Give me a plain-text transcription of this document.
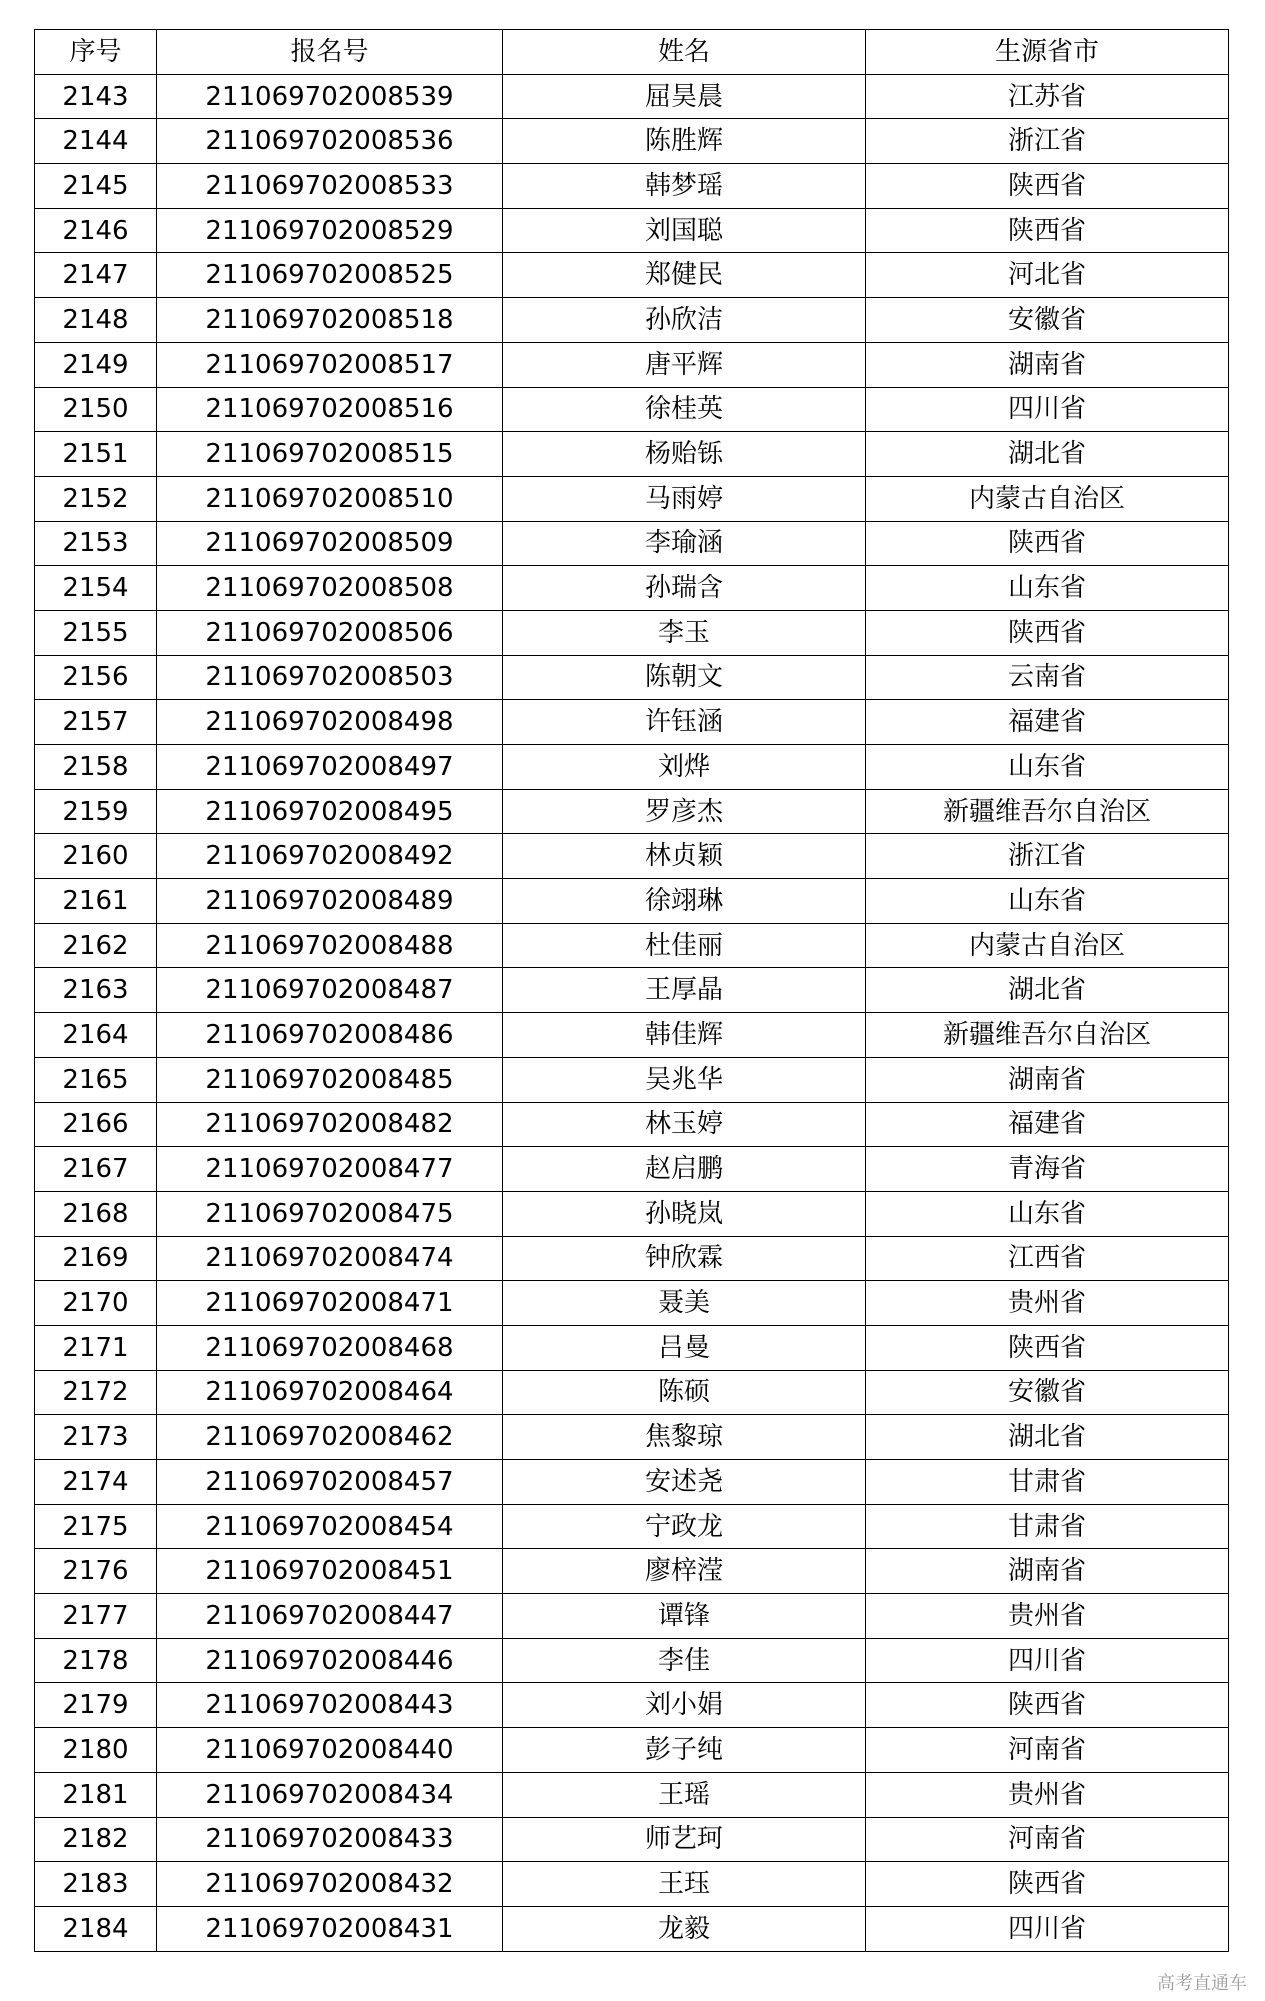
序号	报名号	姓名	生源省市
2143	211069702008539	屈昊晨	江苏省
2144	211069702008536	陈胜辉	浙江省
2145	211069702008533	韩梦瑶	陕西省
2146	211069702008529	刘国聪	陕西省
2147	211069702008525	郑健民	河北省
2148	211069702008518	孙欣洁	安徽省
2149	211069702008517	唐平辉	湖南省
2150	211069702008516	徐桂英	四川省
2151	211069702008515	杨贻铄	湖北省
2152	211069702008510	马雨婷	内蒙古自治区
2153	211069702008509	李瑜涵	陕西省
2154	211069702008508	孙瑞含	山东省
2155	211069702008506	李玉	陕西省
2156	211069702008503	陈朝文	云南省
2157	211069702008498	许钰涵	福建省
2158	211069702008497	刘烨	山东省
2159	211069702008495	罗彦杰	新疆维吾尔自治区
2160	211069702008492	林贞颖	浙江省
2161	211069702008489	徐翊琳	山东省
2162	211069702008488	杜佳丽	内蒙古自治区
2163	211069702008487	王厚晶	湖北省
2164	211069702008486	韩佳辉	新疆维吾尔自治区
2165	211069702008485	吴兆华	湖南省
2166	211069702008482	林玉婷	福建省
2167	211069702008477	赵启鹏	青海省
2168	211069702008475	孙晓岚	山东省
2169	211069702008474	钟欣霖	江西省
2170	211069702008471	聂美	贵州省
2171	211069702008468	吕曼	陕西省
2172	211069702008464	陈硕	安徽省
2173	211069702008462	焦黎琼	湖北省
2174	211069702008457	安述尧	甘肃省
2175	211069702008454	宁政龙	甘肃省
2176	211069702008451	廖梓滢	湖南省
2177	211069702008447	谭锋	贵州省
2178	211069702008446	李佳	四川省
2179	211069702008443	刘小娟	陕西省
2180	211069702008440	彭子纯	河南省
2181	211069702008434	王瑶	贵州省
2182	211069702008433	师艺珂	河南省
2183	211069702008432	王珏	陕西省
2184	211069702008431	龙毅	四川省
高考直通车
